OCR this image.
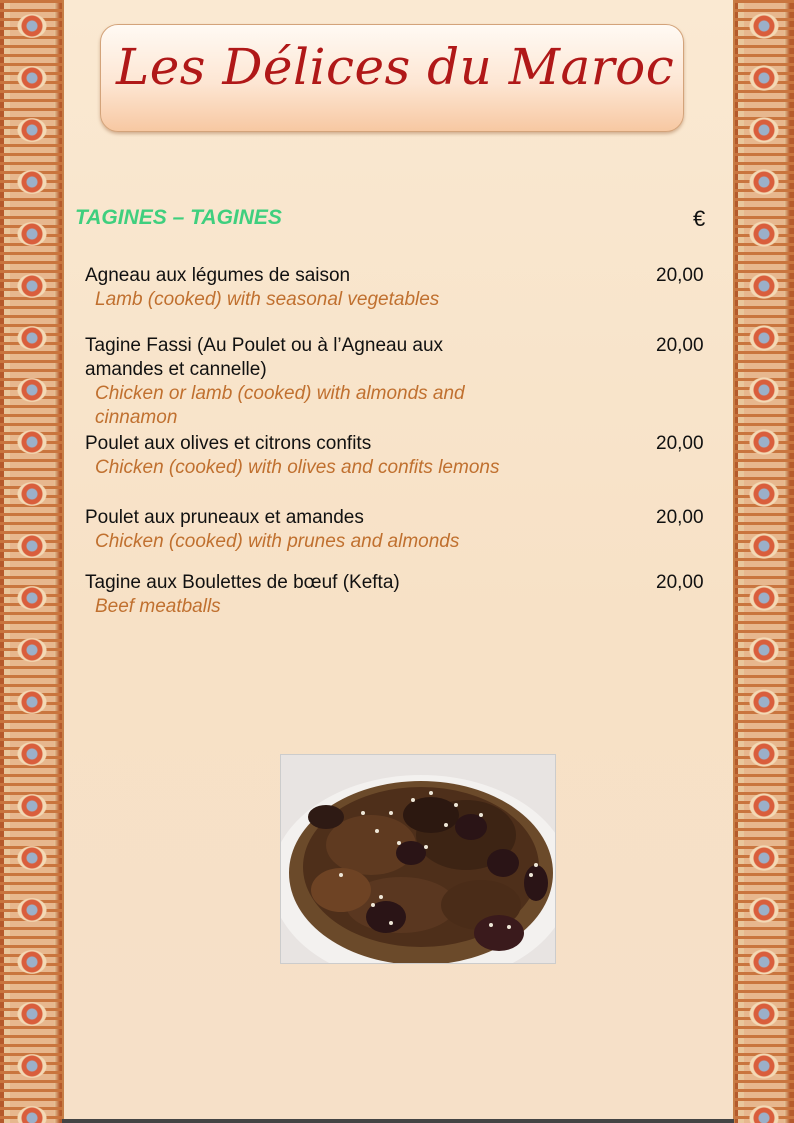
Les Délices du Maroc
TAGINES – TAGINES	€

Agneau aux légumes de saison

Lamb (cooked) with seasonal vegetables

20,00

Tagine Fassi (Au Poulet ou à l’Agneau aux amandes et cannelle)

Chicken or lamb (cooked) with almonds and cinnamon

20,00

Poulet aux olives et citrons confits

Chicken (cooked) with olives and confits lemons

20,00

Poulet aux pruneaux et amandes

Chicken (cooked) with prunes and almonds

20,00

Tagine aux Boulettes de bœuf (Kefta)

Beef meatballs

20,00
